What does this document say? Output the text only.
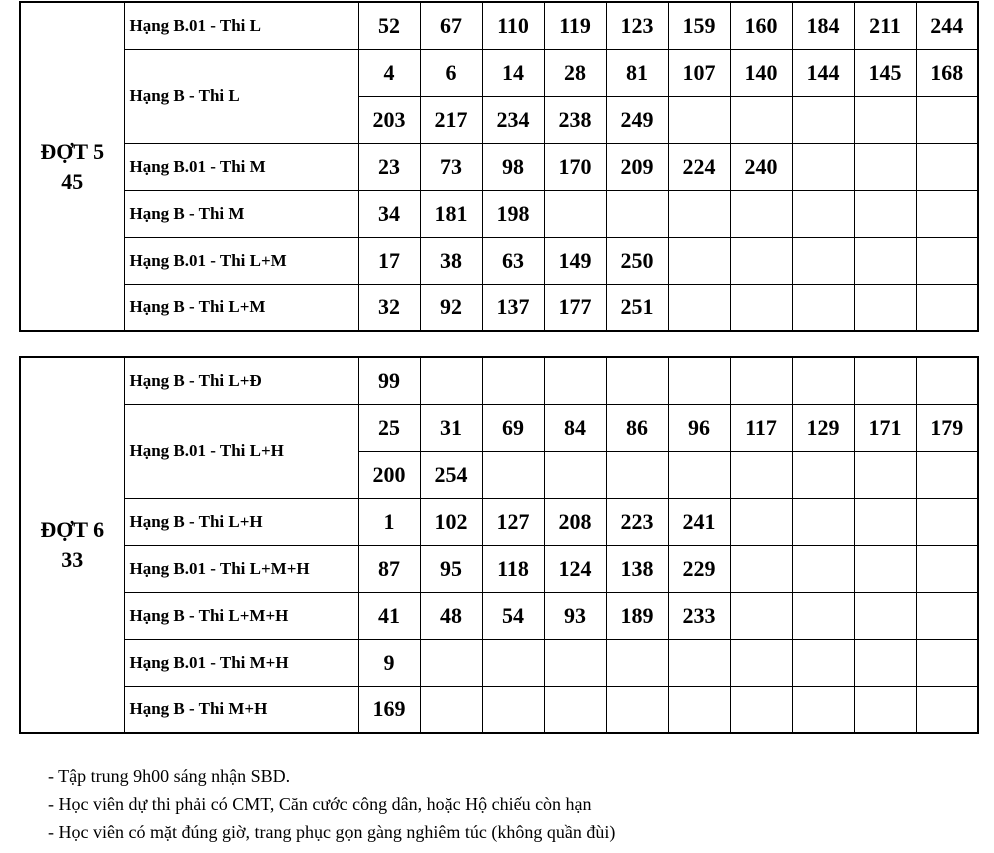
ĐỢT 5
45	Hạng B.01 - Thi L	52	67	110	119	123	159	160	184	211	244
	Hạng B - Thi L	4	6	14	28	81	107	140	144	145	168
		203	217	234	238	249					
	Hạng B.01 - Thi M	23	73	98	170	209	224	240			
	Hạng B - Thi M	34	181	198							
	Hạng B.01 - Thi L+M	17	38	63	149	250					
	Hạng B - Thi L+M	32	92	137	177	251					
ĐỢT 6
33	Hạng B - Thi L+Đ	99									
	Hạng B.01 - Thi L+H	25	31	69	84	86	96	117	129	171	179
		200	254								
	Hạng B - Thi L+H	1	102	127	208	223	241				
	Hạng B.01 - Thi L+M+H	87	95	118	124	138	229				
	Hạng B - Thi L+M+H	41	48	54	93	189	233				
	Hạng B.01 - Thi M+H	9									
	Hạng B - Thi M+H	169									
- Tập trung 9h00 sáng nhận SBD.
- Học viên dự thi phải có CMT, Căn cước công dân, hoặc Hộ chiếu còn hạn
- Học viên có mặt đúng giờ, trang phục gọn gàng nghiêm túc (không quần đùi)
